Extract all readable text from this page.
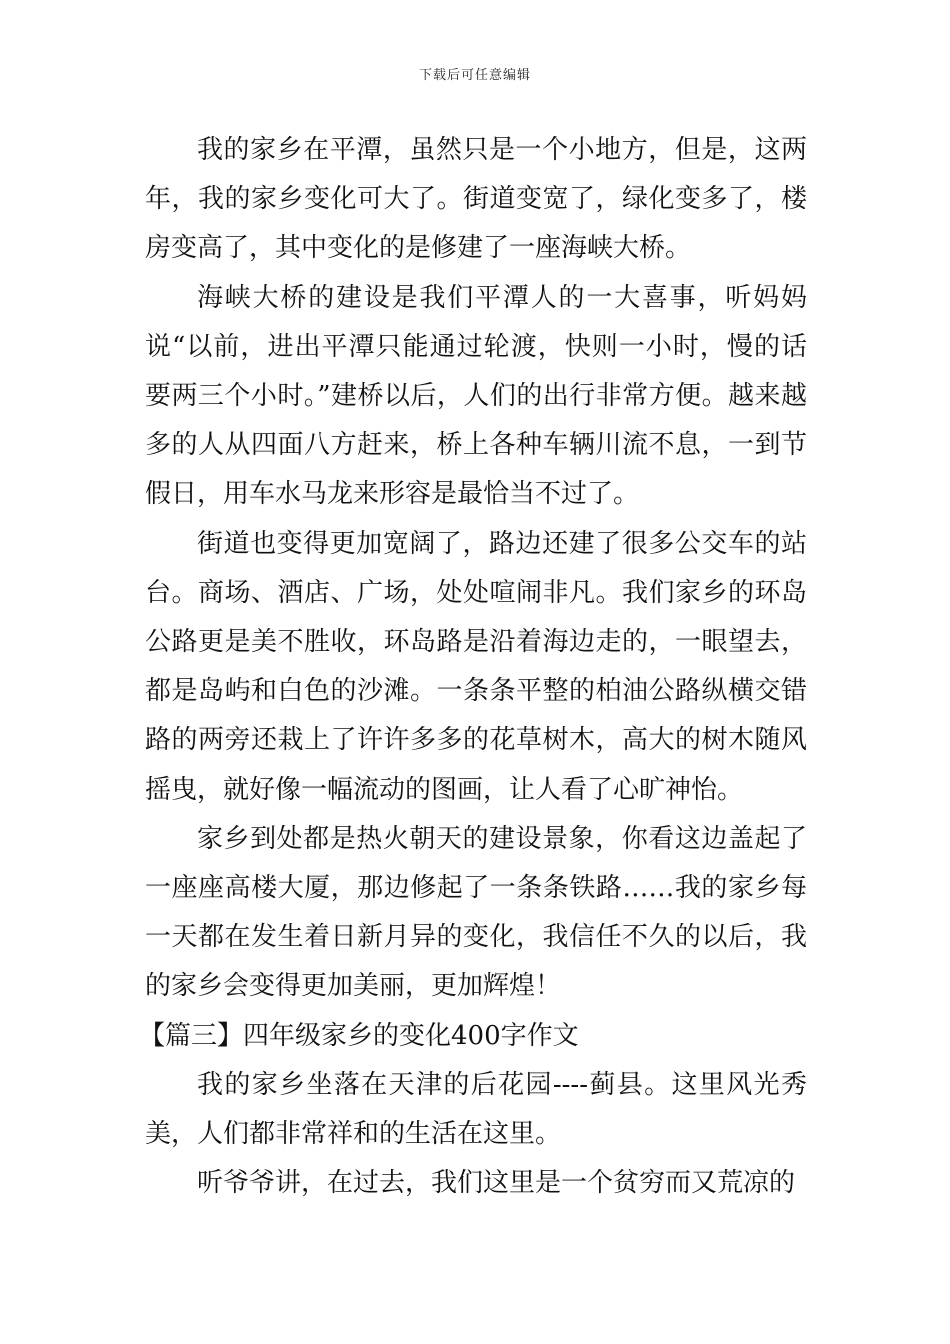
下载后可任意编辑

我的家乡在平潭，虽然只是一个小地方，但是，这两年，我的家乡变化可大了。街道变宽了，绿化变多了，楼房变高了，其中变化的是修建了一座海峡大桥。

海峡大桥的建设是我们平潭人的一大喜事，听妈妈说“以前，进出平潭只能通过轮渡，快则一小时，慢的话要两三个小时。”建桥以后，人们的出行非常方便。越来越多的人从四面八方赶来，桥上各种车辆川流不息，一到节假日，用车水马龙来形容是最恰当不过了。

街道也变得更加宽阔了，路边还建了很多公交车的站台。商场、酒店、广场，处处喧闹非凡。我们家乡的环岛公路更是美不胜收，环岛路是沿着海边走的，一眼望去，都是岛屿和白色的沙滩。一条条平整的柏油公路纵横交错路的两旁还栽上了许许多多的花草树木，高大的树木随风摇曳，就好像一幅流动的图画，让人看了心旷神怡。

家乡到处都是热火朝天的建设景象，你看这边盖起了一座座高楼大厦，那边修起了一条条铁路……我的家乡每一天都在发生着日新月异的变化，我信任不久的以后，我的家乡会变得更加美丽，更加辉煌！

【篇三】四年级家乡的变化400字作文

我的家乡坐落在天津的后花园----蓟县。这里风光秀美，人们都非常祥和的生活在这里。

听爷爷讲，在过去，我们这里是一个贫穷而又荒凉的
